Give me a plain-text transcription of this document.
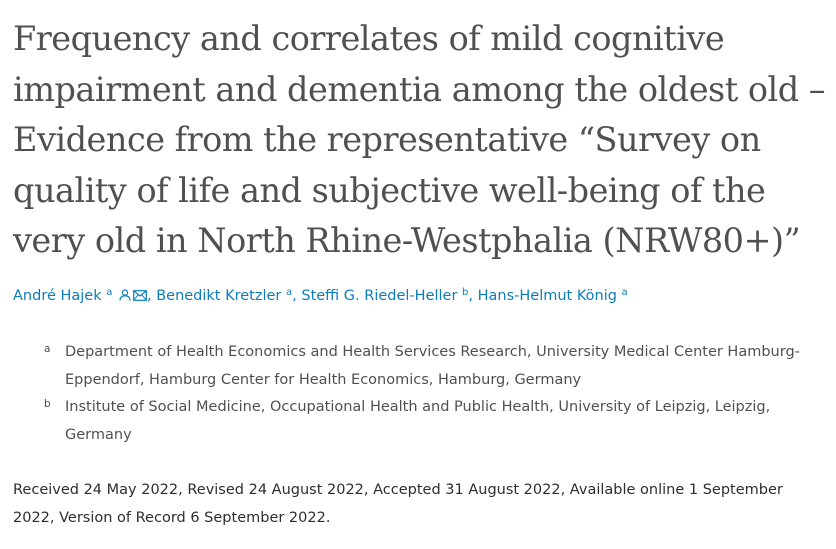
Frequency and correlates of mild cognitive impairment and dementia among the oldest old – Evidence from the representative “Survey on quality of life and subjective well-being of the very old in North Rhine-Westphalia (NRW80+)”
André Hajek $^a$ , Benedikt Kretzler $^a$, Steffi G. Riedel-Heller $^b$, Hans-Helmut König $^a$
a	Department of Health Economics and Health Services Research, University Medical Center Hamburg-Eppendorf, Hamburg Center for Health Economics, Hamburg, Germany
b Institute of Social Medicine, Occupational Health and Public Health, University of Leipzig, Leipzig, Germany
Received 24 May 2022, Revised 24 August 2022, Accepted 31 August 2022, Available online 1 September 2022, Version of Record 6 September 2022.
